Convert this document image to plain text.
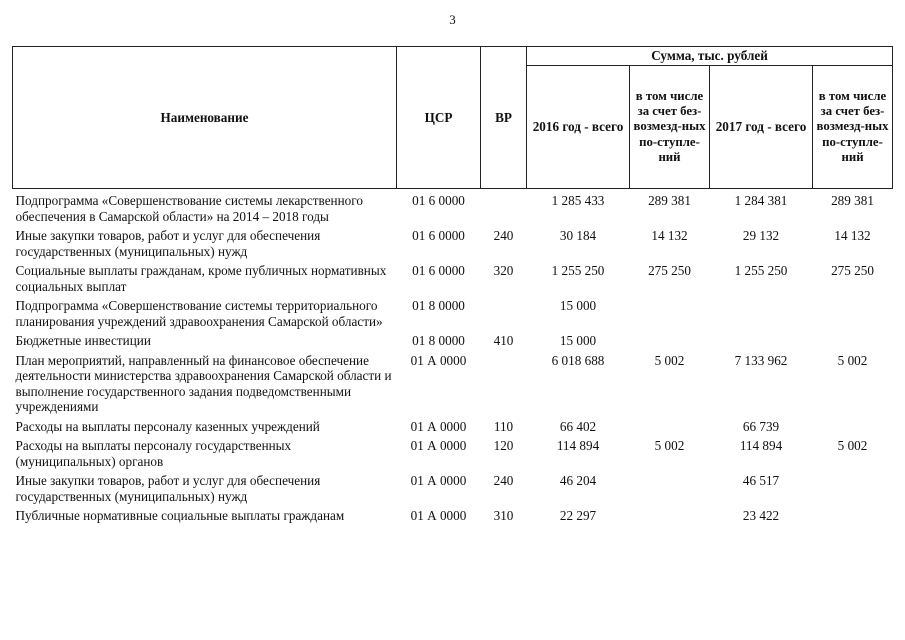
3
Наименование	ЦСР	ВР	Сумма, тыс. рублей			
			2016 год - всего	в том числе за счет без-возмезд-ных по-ступле-ний	2017 год - всего	в том числе за счет без-возмезд-ных по-ступле-ний
Подпрограмма «Совершенствование системы лекарственного обеспечения в Самарской области» на 2014 – 2018 годы	01 6 0000		1 285 433	289 381	1 284 381	289 381
Иные закупки товаров, работ и услуг для обеспечения государственных (муниципальных) нужд	01 6 0000	240	30 184	14 132	29 132	14 132
Социальные выплаты гражданам, кроме публичных нормативных социальных выплат	01 6 0000	320	1 255 250	275 250	1 255 250	275 250
Подпрограмма «Совершенствование системы территориального планирования учреждений здравоохранения Самарской области»	01 8 0000		15 000			
Бюджетные инвестиции	01 8 0000	410	15 000			
План мероприятий, направленный на финансовое обеспечение деятельности министерства здравоохранения Самарской области и выполнение государственного задания подведомственными учреждениями	01 А 0000		6 018 688	5 002	7 133 962	5 002
Расходы на выплаты персоналу казенных учреждений	01 А 0000	110	66 402		66 739	
Расходы на выплаты персоналу государственных (муниципальных) органов	01 А 0000	120	114 894	5 002	114 894	5 002
Иные закупки товаров, работ и услуг для обеспечения государственных (муниципальных) нужд	01 А 0000	240	46 204		46 517	
Публичные нормативные социальные выплаты гражданам	01 А 0000	310	22 297		23 422	
